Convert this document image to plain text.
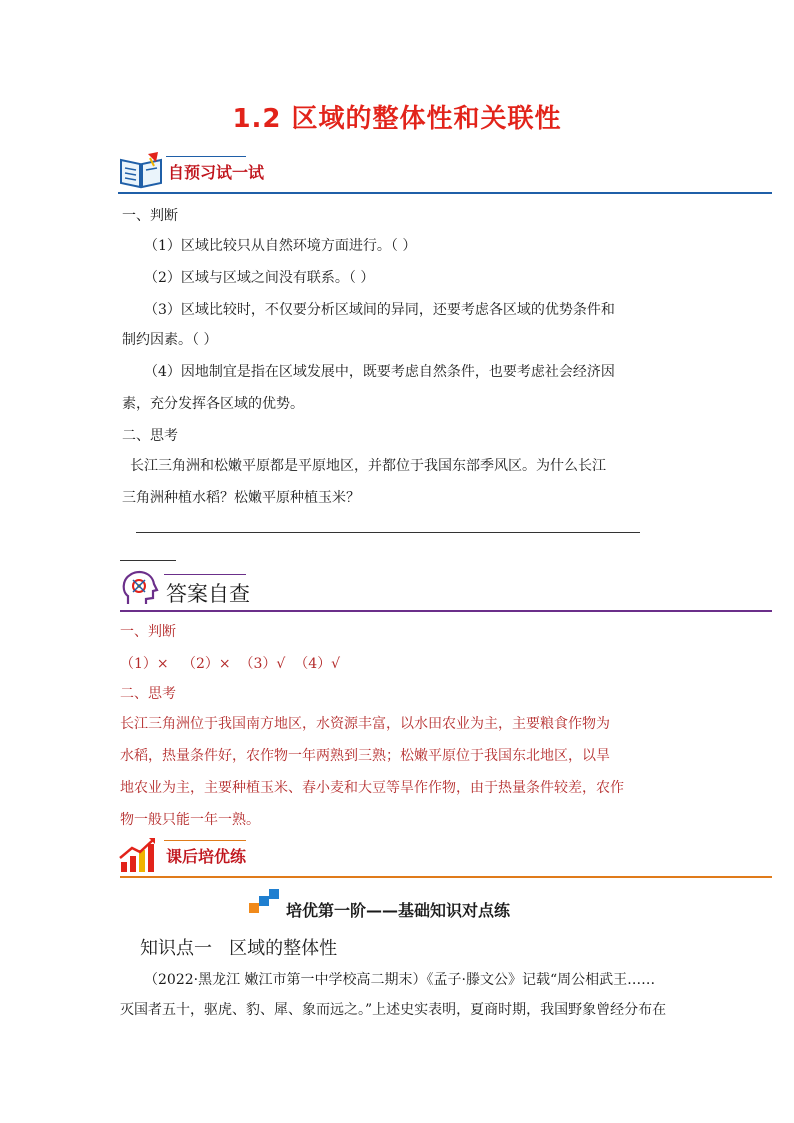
1.2 区域的整体性和关联性
自预习试一试
一、判断
（1）区域比较只从自然环境方面进行。（ ）
（2）区域与区域之间没有联系。（ ）
（3）区域比较时，不仅要分析区域间的异同，还要考虑各区域的优势条件和
制约因素。（ ）
（4）因地制宜是指在区域发展中，既要考虑自然条件，也要考虑社会经济因
素，充分发挥各区域的优势。
二、思考
长江三角洲和松嫩平原都是平原地区，并都位于我国东部季风区。为什么长江
三角洲种植水稻？松嫩平原种植玉米？
答案自查
一、判断
（1）×   （2）×  （3）√  （4）√
二、思考
长江三角洲位于我国南方地区，水资源丰富，以水田农业为主，主要粮食作物为
水稻，热量条件好，农作物一年两熟到三熟；松嫩平原位于我国东北地区，以旱
地农业为主，主要种植玉米、春小麦和大豆等旱作作物，由于热量条件较差，农作
物一般只能一年一熟。
课后培优练
培优第一阶——基础知识对点练
知识点一   区域的整体性
（2022·黑龙江 嫩江市第一中学校高二期末）《孟子·滕文公》记载“周公相武王……
灭国者五十，驱虎、豹、犀、象而远之。”上述史实表明，夏商时期，我国野象曾经分布在
